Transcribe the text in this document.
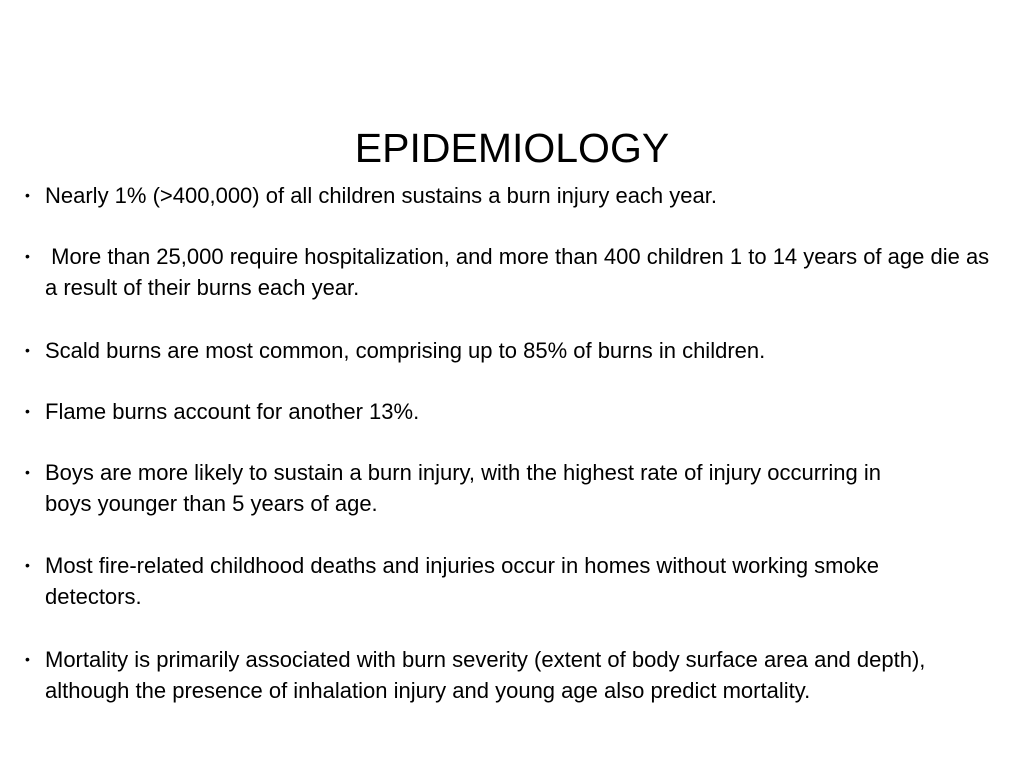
EPIDEMIOLOGY
• Nearly 1% (>400,000) of all children sustains a burn injury each year.
• More than 25,000 require hospitalization, and more than 400 children 1 to 14 years of age die as a result of their burns each year.
• Scald burns are most common, comprising up to 85% of burns in children.
• Flame burns account for another 13%.
• Boys are more likely to sustain a burn injury, with the highest rate of injury occurring in boys younger than 5 years of age.
• Most fire-related childhood deaths and injuries occur in homes without working smoke detectors.
• Mortality is primarily associated with burn severity (extent of body surface area and depth), although the presence of inhalation injury and young age also predict mortality.
